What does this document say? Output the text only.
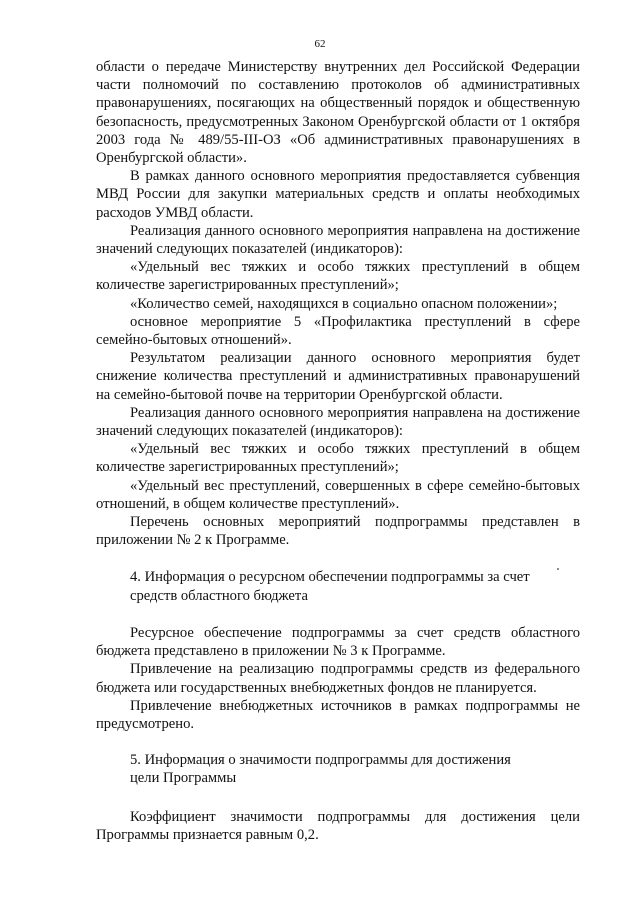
62

области о передаче Министерству внутренних дел Российской Федерации части полномочий по составлению протоколов об административных правонарушениях, посягающих на общественный порядок и общественную безопасность, предусмотренных Законом Оренбургской области от 1 октября 2003 года № 489/55-III-ОЗ «Об административных правонарушениях в Оренбургской области».

В рамках данного основного мероприятия предоставляется субвенция МВД России для закупки материальных средств и оплаты необходимых расходов УМВД области.

Реализация данного основного мероприятия направлена на достижение значений следующих показателей (индикаторов):

«Удельный вес тяжких и особо тяжких преступлений в общем количестве зарегистрированных преступлений»;

«Количество семей, находящихся в социально опасном положении»;

основное мероприятие 5 «Профилактика преступлений в сфере семейно-бытовых отношений».

Результатом реализации данного основного мероприятия будет снижение количества преступлений и административных правонарушений на семейно-бытовой почве на территории Оренбургской области.

Реализация данного основного мероприятия направлена на достижение значений следующих показателей (индикаторов):

«Удельный вес тяжких и особо тяжких преступлений в общем количестве зарегистрированных преступлений»;

«Удельный вес преступлений, совершенных в сфере семейно-бытовых отношений, в общем количестве преступлений».

Перечень основных мероприятий подпрограммы представлен в приложении № 2 к Программе.

4. Информация о ресурсном обеспечении подпрограммы за счет

средств областного бюджета

Ресурсное обеспечение подпрограммы за счет средств областного бюджета представлено в приложении № 3 к Программе.

Привлечение на реализацию подпрограммы средств из федерального бюджета или государственных внебюджетных фондов не планируется.

Привлечение внебюджетных источников в рамках подпрограммы не предусмотрено.

5. Информация о значимости подпрограммы для достижения

цели Программы

Коэффициент значимости подпрограммы для достижения цели Программы признается равным 0,2.
